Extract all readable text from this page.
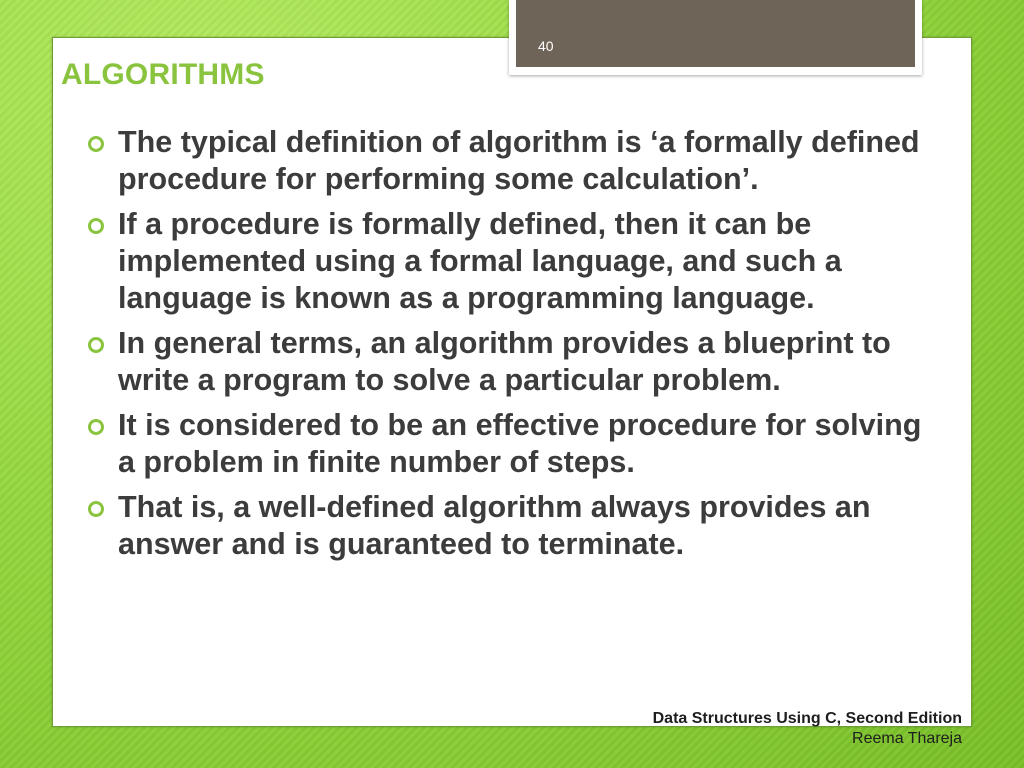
40
ALGORITHMS
The typical definition of algorithm is ‘a formally defined procedure for performing some calculation’.
If a procedure is formally defined, then it can be implemented using a formal language, and such a language is known as a programming language.
In general terms, an algorithm provides a blueprint to write a program to solve a particular problem.
It is considered to be an effective procedure for solving a problem in finite number of steps.
That is, a well-defined algorithm always provides an answer and is guaranteed to terminate.
Data Structures Using C, Second Edition
Reema Thareja
